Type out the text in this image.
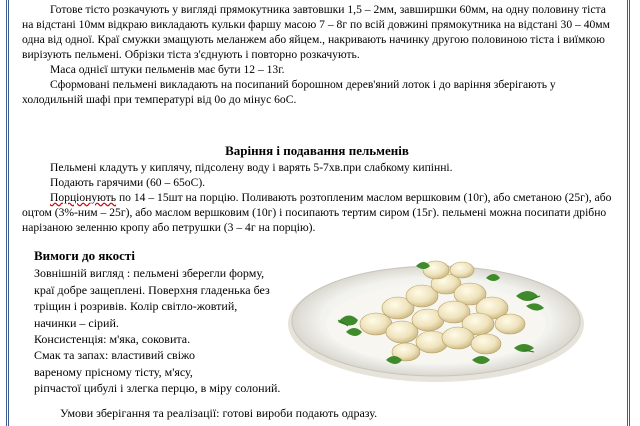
Готове тісто розкачують у вигляді прямокутника завтовшки 1,5 – 2мм, завширшки 60мм, на одну половину тіста на відстані 10мм відкраю викладають кульки фаршу масою 7 – 8г по всій довжині прямокутника на відстані 30 – 40мм одна від одної. Краї смужки змащують меланжем або яйцем., накривають начинку другою половиною тіста і виїмкою вирізують пельмені. Обрізки тіста з'єднують і повторно розкачують.

Маса однієї штуки пельменів має бути 12 – 13г.

Сформовані пельмені викладають на посипаний борошном дерев'яний лоток і до варіння зберігають у холодильній шафі при температурі від 0о до мінус 6оС.

Варіння і подавання пельменів

Пельмені кладуть у киплячу, підсолену воду і варять 5-7хв.при слабкому кипінні.

Подають гарячими (60 – 65оС).

Порціонують по 14 – 15шт на порцію. Поливають розтопленим маслом вершковим (10г), або сметаною (25г), або оцтом (3%-ним – 25г), або маслом вершковим (10г) і посипають тертим сиром (15г). пельмені можна посипати дрібно нарізаною зеленню кропу або петрушки (3 – 4г на порцію).

Вимоги до якості

Зовнішній вигляд : пельмені зберегли форму,

краї добре защеплені. Поверхня гладенька без

тріщин і розривів. Колір світло-жовтий,

начинки – сірий.

Консистенція: м'яка, соковита.

Смак та запах: властивий свіжо

вареному прісному тісту, м'ясу,

ріпчастої цибулі і злегка перцю, в міру солоний.

Умови зберігання та реалізації: готові вироби подають одразу.
